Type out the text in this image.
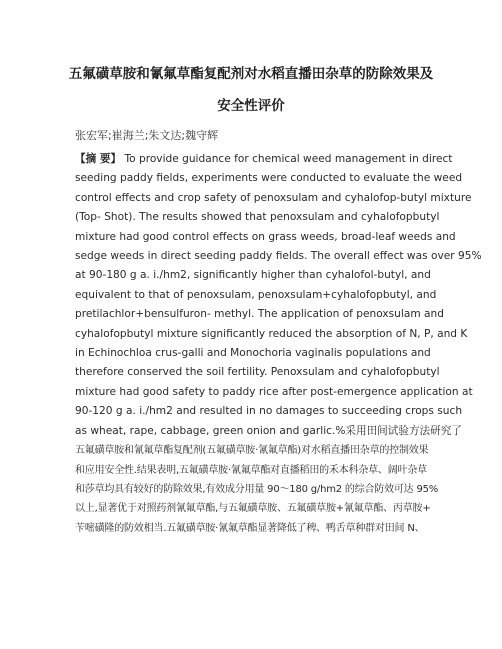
五氟磺草胺和氰氟草酯复配剂对水稻直播田杂草的防除效果及
安全性评价
张宏军;崔海兰;朱文达;魏守辉

【摘 要】 To provide guidance for chemical weed management in direct

seeding paddy fields, experiments were conducted to evaluate the weed

control effects and crop safety of penoxsulam and cyhalofop-butyl mixture

(Top- Shot). The results showed that penoxsulam and cyhalofopbutyl

mixture had good control effects on grass weeds, broad-leaf weeds and

sedge weeds in direct seeding paddy fields. The overall effect was over 95%

at 90-180 g a. i./hm2, significantly higher than cyhalofol-butyl, and

equivalent to that of penoxsulam, penoxsulam+cyhalofopbutyl, and

pretilachlor+bensulfuron- methyl. The application of penoxsulam and

cyhalofopbutyl mixture significantly reduced the absorption of N, P, and K

in Echinochloa crus-galli and Monochoria vaginalis populations and

therefore conserved the soil fertility. Penoxsulam and cyhalofopbutyl

mixture had good safety to paddy rice after post-emergence application at

90-120 g a. i./hm2 and resulted in no damages to succeeding crops such

as wheat, rape, cabbage, green onion and garlic.%采用田间试验方法研究了

五氟磺草胺和氰氟草酯复配剂(五氟磺草胺·氰氟草酯)对水稻直播田杂草的控制效果

和应用安全性.结果表明,五氟磺草胺·氰氟草酯对直播稻田的禾本科杂草、阔叶杂草

和莎草均具有较好的防除效果,有效成分用量 90～180 g/hm2 的综合防效可达 95%

以上,显著优于对照药剂氰氟草酯,与五氟磺草胺、五氟磺草胺+氰氟草酯、丙草胺+

苄嘧磺隆的防效相当.五氟磺草胺·氰氟草酯显著降低了稗、鸭舌草种群对田间 N、
